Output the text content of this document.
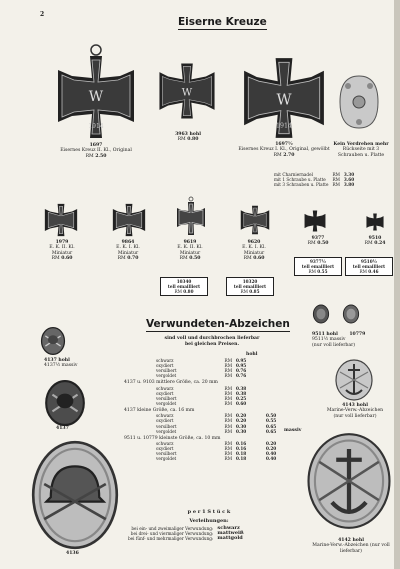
2
Eiserne Kreuze
W
1914
W	W
1914
1697
Eisernes Kreuz II. Kl., Original
RM 2.50
3963 hohl
RM 0.80
1697½
Eisernes Kreuz I. Kl., Original, gewölbt
RM 2.70
Kein Verdrehen mehr
Rückseite mit 3 Schrauben u. Platte
mit Charniernadel	RM	3.30
mit 1 Schraube u. Platte	RM	3.60
mit 3 Schrauben u. Platte	RM	3.80
1979
E. K. II. Kl. Miniatur
RM 0.60
9864
E. K. I. Kl. Miniatur
RM 0.70
9619
E. K. II. Kl. Miniatur
RM 0.50
9620
E. K. I. Kl. Miniatur
RM 0.60
9377
RM 0.50
9510
RM 0.24
10340
tell emailliert
RM 0.80
10320
tell emailliert
RM 0.85
9377½
tell emailliert
RM 0.55
9510½
tell emailliert
RM 0.46
Verwundeten-Abzeichen
sind voll und durchbrochen lieferbar
bei gleichen Preisen.
9511 hohl 10779
9511½ massiv
(nur voll lieferbar)
4137 hohl
4137½ massiv
4137
4136
hohl
massiv
schwarz	RM	0.95	
oxydiert	RM	0.95	
versilbert	RM	0.76	
vergoldet	RM	0.76	
4137 u. 9103 mittlere Größe, ca. 20 mm
schwarz	RM	0.38	
oxydiert	RM	0.38	
versilbert	RM	0.25	
vergoldet	RM	0.60	
4137 kleine Größe, ca. 16 mm
schwarz	RM	0.20	0.50
oxydiert	RM	0.20	0.55
versilbert	RM	0.30	0.65
vergoldet	RM	0.30	0.65
9511 u. 10779 kleinste Größe, ca. 10 mm
schwarz	RM	0.16	0.20
oxydiert	RM	0.16	0.20
versilbert	RM	0.18	0.40
vergoldet	RM	0.18	0.40
p e r 1 S t ü c k
Verleihungen:
bei ein- und zweimaliger Verwundung:	schwarz
bei drei- und viermaliger Verwundung:	mattweiß
bei fünf- und mehrmaliger Verwundung:	mattgold
4143 hohl
Marine-Verw.-Abzeichen (nur voll lieferbar)
4142 hohl
Marine-Verw.-Abzeichen (nur voll lieferbar)
